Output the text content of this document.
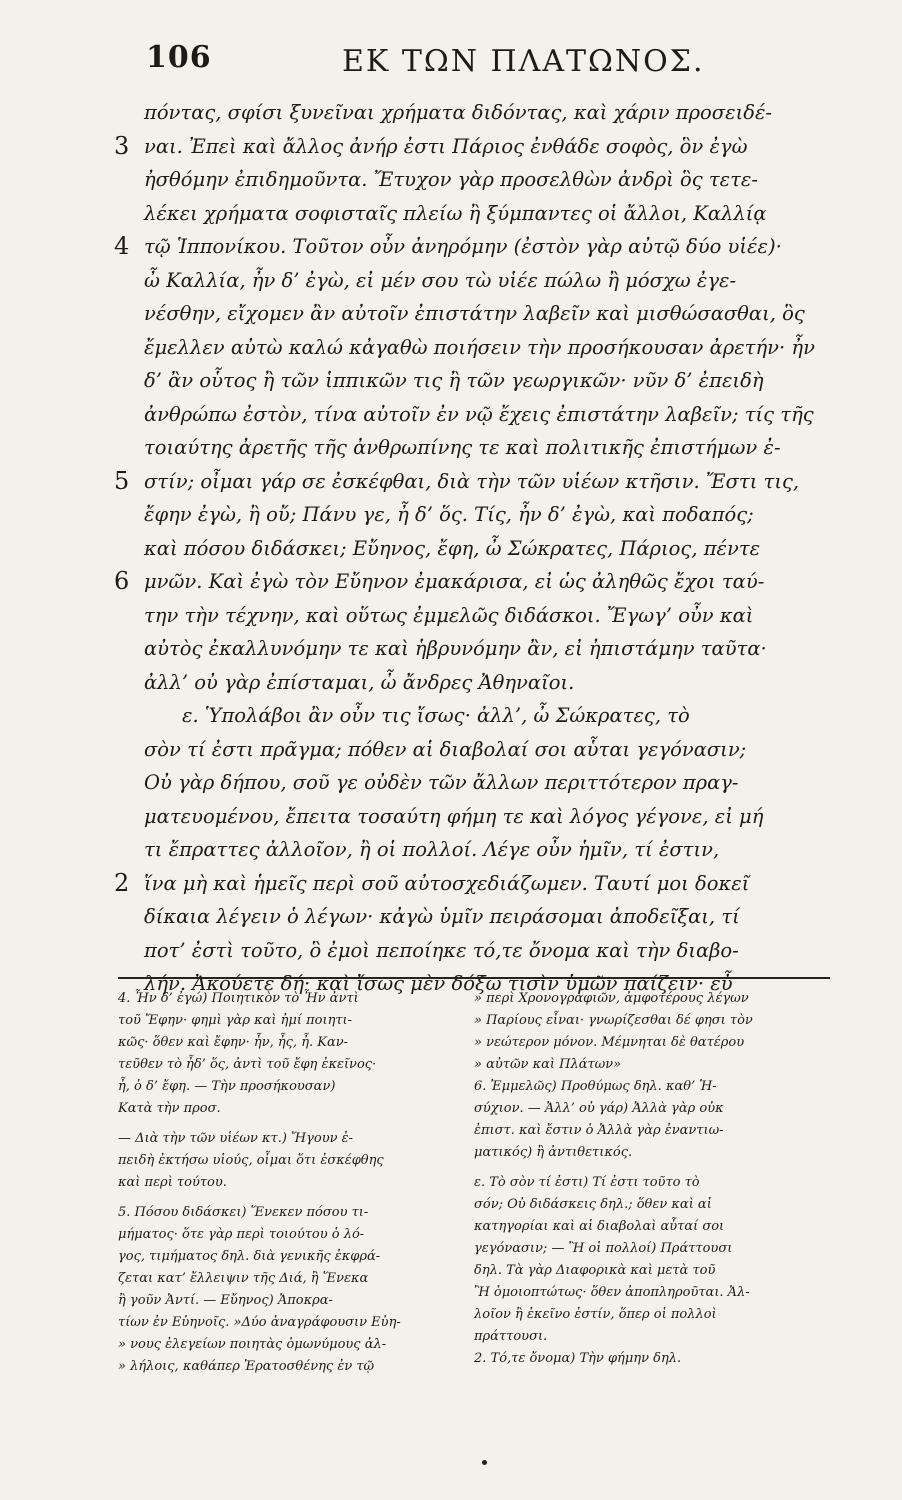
106	ΕΚ ΤΩΝ ΠΛΑΤΩΝΟΣ.
πόντας, σφίσι ξυνεῖναι χρήματα διδόντας, καὶ χάριν προσειδέ-
3 ναι. Ἐπεὶ καὶ ἄλλος ἀνήρ ἐστι Πάριος ἐνθάδε σοφὸς, ὃν ἐγὼ
ἠσθόμην ἐπιδημοῦντα. Ἔτυχον γὰρ προσελθὼν ἀνδρὶ ὃς τετε-
λέκει χρήματα σοφισταῖς πλείω ἢ ξύμπαντες οἱ ἄλλοι, Καλλίᾳ
4 τῷ Ἱππονίκου. Τοῦτον οὖν ἀνηρόμην (ἐστὸν γὰρ αὐτῷ δύο υἱέε)·
ὦ Καλλία, ἦν δ’ ἐγὼ, εἰ μέν σου τὼ υἱέε πώλω ἢ μόσχω ἐγε-
νέσθην, εἴχομεν ἂν αὐτοῖν ἐπιστάτην λαβεῖν καὶ μισθώσασθαι, ὃς
ἔμελλεν αὐτὼ καλώ κἀγαθὼ ποιήσειν τὴν προσήκουσαν ἀρετήν· ἦν
δ’ ἂν οὗτος ἢ τῶν ἱππικῶν τις ἢ τῶν γεωργικῶν· νῦν δ’ ἐπειδὴ
ἀνθρώπω ἐστὸν, τίνα αὐτοῖν ἐν νῷ ἔχεις ἐπιστάτην λαβεῖν; τίς τῆς
τοιαύτης ἀρετῆς τῆς ἀνθρωπίνης τε καὶ πολιτικῆς ἐπιστήμων ἐ-
5 στίν; οἶμαι γάρ σε ἐσκέφθαι, διὰ τὴν τῶν υἱέων κτῆσιν. Ἔστι τις,
ἔφην ἐγὼ, ἢ οὔ; Πάνυ γε, ἦ δ’ ὅς. Τίς, ἦν δ’ ἐγὼ, καὶ ποδαπός;
καὶ πόσου διδάσκει; Εὔηνος, ἔφη, ὦ Σώκρατες, Πάριος, πέντε
6 μνῶν. Καὶ ἐγὼ τὸν Εὔηνον ἐμακάρισα, εἰ ὡς ἀληθῶς ἔχοι ταύ-
την τὴν τέχνην, καὶ οὕτως ἐμμελῶς διδάσκοι. Ἔγωγ’ οὖν καὶ
αὐτὸς ἐκαλλυνόμην τε καὶ ἡβρυνόμην ἂν, εἰ ἠπιστάμην ταῦτα·
ἀλλ’ οὐ γὰρ ἐπίσταμαι, ὦ ἄνδρες Ἀθηναῖοι.
ε. Ὑπολάβοι ἂν οὖν τις ἴσως· ἀλλ’, ὦ Σώκρατες, τὸ
σὸν τί ἐστι πρᾶγμα; πόθεν αἱ διαβολαί σοι αὗται γεγόνασιν;
Οὐ γὰρ δήπου, σοῦ γε οὐδὲν τῶν ἄλλων περιττότερον πραγ-
ματευομένου, ἔπειτα τοσαύτη φήμη τε καὶ λόγος γέγονε, εἰ μή
τι ἔπραττες ἀλλοῖον, ἢ οἱ πολλοί. Λέγε οὖν ἡμῖν, τί ἐστιν,
2 ἵνα μὴ καὶ ἡμεῖς περὶ σοῦ αὐτοσχεδιάζωμεν. Ταυτί μοι δοκεῖ
δίκαια λέγειν ὁ λέγων· κἀγὼ ὑμῖν πειράσομαι ἀποδεῖξαι, τί
ποτ’ ἐστὶ τοῦτο, ὃ ἐμοὶ πεποίηκε τό,τε ὄνομα καὶ τὴν διαβο-
λήν. Ἀκούετε δή· καὶ ἴσως μὲν δόξω τισὶν ὑμῶν παίζειν· εὖ
4. Ἦν δ’ ἐγώ) Ποιητικὸν τὸ Ἦν ἀντὶ
τοῦ Ἔφην· φημὶ γὰρ καὶ ἠμί ποιητι-
κῶς· ὅθεν καὶ ἔφην· ἦν, ἦς, ἦ. Καν-
τεῦθεν τὸ ἦδ’ ὅς, ἀντὶ τοῦ ἔφη ἐκεῖνος·
ἦ, ὁ δ’ ἔφη. — Τὴν προσήκουσαν)
Κατὰ τὴν προσ.
— Διὰ τὴν τῶν υἱέων κτ.) Ἤγουν ἐ-
πειδὴ ἐκτήσω υἱούς, οἶμαι ὅτι ἐσκέφθης
καὶ περὶ τούτου.
5. Πόσου διδάσκει) Ἕνεκεν πόσου τι-
μήματος· ὅτε γὰρ περὶ τοιούτου ὁ λό-
γος, τιμήματος δηλ. διὰ γενικῆς ἐκφρά-
ζεται κατ’ ἔλλειψιν τῆς Διά, ἢ Ἕνεκα
ἢ γοῦν Ἀντί. — Εὔηνος) Ἀποκρα-
τίων ἐν Εὐηνοῖς. »Δύο ἀναγράφουσιν Εὐη-
» νους ἐλεγείων ποιητὰς ὁμωνύμους ἀλ-
» λήλοις, καθάπερ Ἐρατοσθένης ἐν τῷ
» περὶ Χρονογραφιῶν, ἀμφοτέρους λέγων
» Παρίους εἶναι· γνωρίζεσθαι δέ φησι τὸν
» νεώτερον μόνον. Μέμνηται δὲ θατέρου
» αὐτῶν καὶ Πλάτων»
6. Ἐμμελῶς) Προθύμως δηλ. καθ’ Ἡ-
σύχιον. — Ἀλλ’ οὐ γάρ) Ἀλλὰ γὰρ οὐκ
ἐπιστ. καὶ ἔστιν ὁ Ἀλλὰ γὰρ ἐναντιω-
ματικός) ἢ ἀντιθετικός.
ε. Τὸ σὸν τί ἐστι) Τί ἐστι τοῦτο τὸ
σόν; Οὐ διδάσκεις δηλ.; ὅθεν καὶ αἱ
κατηγορίαι καὶ αἱ διαβολαὶ αὗταί σοι
γεγόνασιν; — Ἢ οἱ πολλοί) Πράττουσι
δηλ. Τὰ γὰρ Διαφορικὰ καὶ μετὰ τοῦ
Ἢ ὁμοιοπτώτως· ὅθεν ἀποπληροῦται. Ἀλ-
λοῖον ἢ ἐκεῖνο ἐστίν, ὅπερ οἱ πολλοὶ
πράττουσι.
2. Τό,τε ὄνομα) Τὴν φήμην δηλ.
